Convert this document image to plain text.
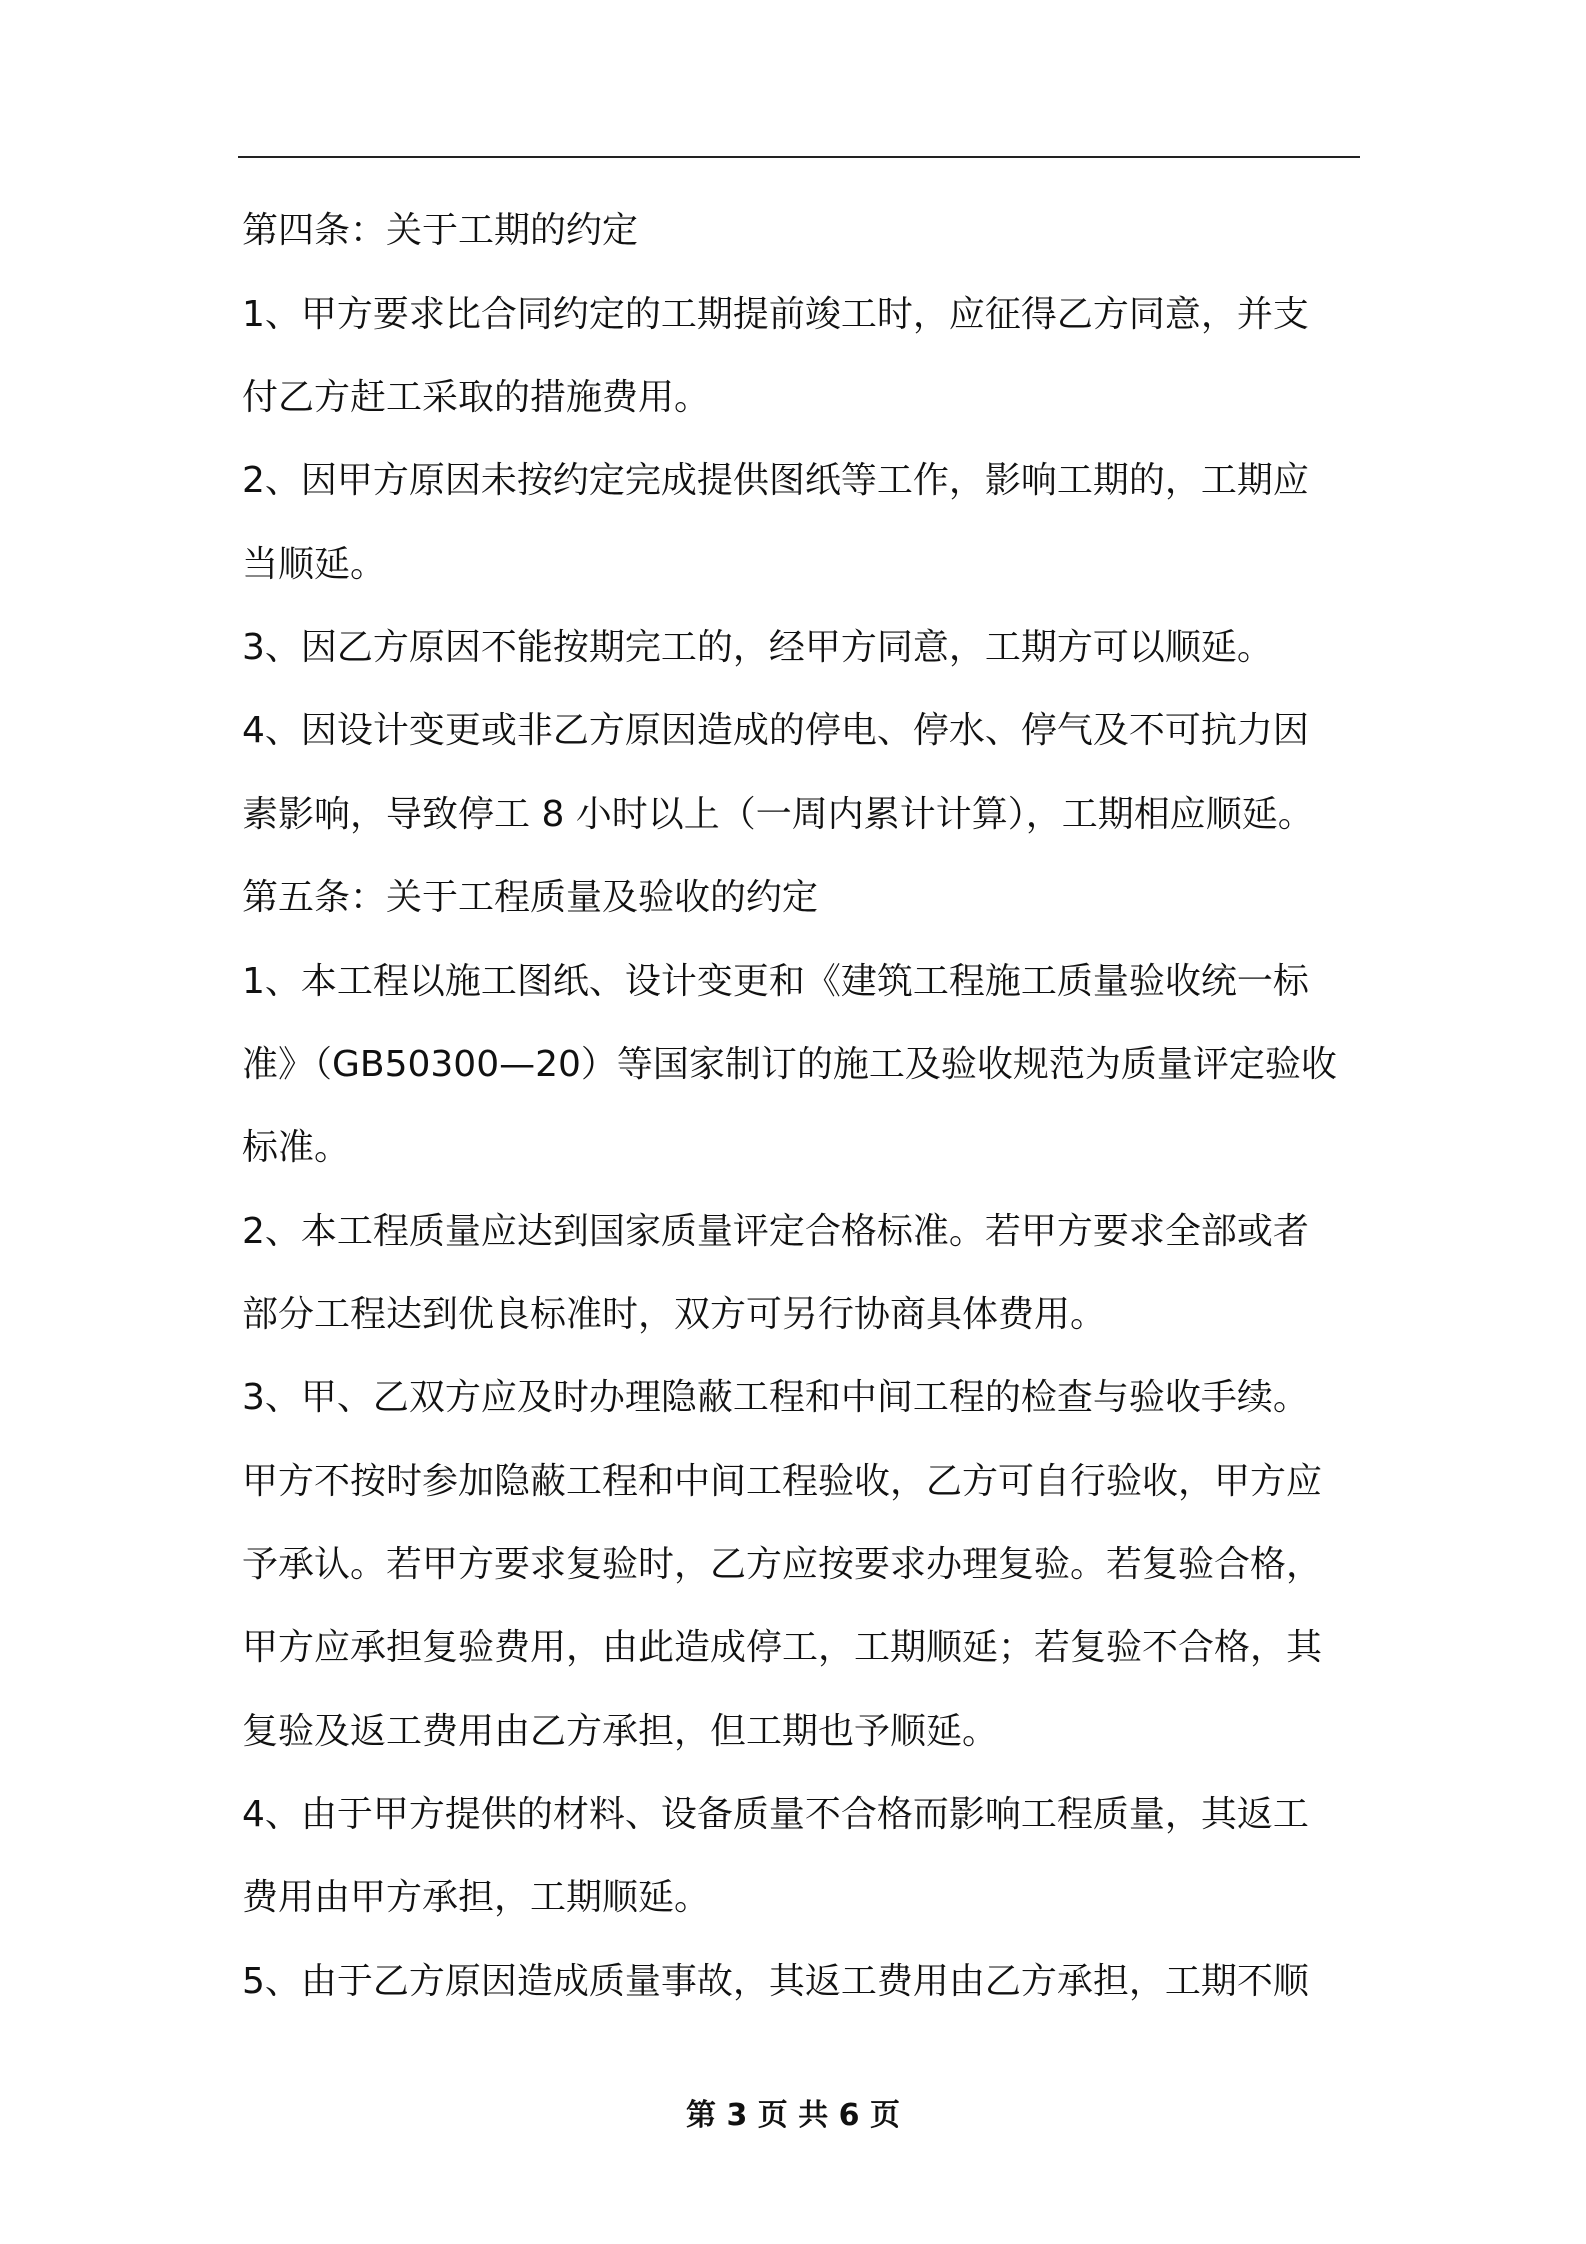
第四条：关于工期的约定
1、甲方要求比合同约定的工期提前竣工时，应征得乙方同意，并支
付乙方赶工采取的措施费用。
2、因甲方原因未按约定完成提供图纸等工作，影响工期的，工期应
当顺延。
3、因乙方原因不能按期完工的，经甲方同意，工期方可以顺延。
4、因设计变更或非乙方原因造成的停电、停水、停气及不可抗力因
素影响，导致停工 8 小时以上（一周内累计计算），工期相应顺延。
第五条：关于工程质量及验收的约定
1、本工程以施工图纸、设计变更和《建筑工程施工质量验收统一标
准》（GB50300—20）等国家制订的施工及验收规范为质量评定验收
标准。
2、本工程质量应达到国家质量评定合格标准。若甲方要求全部或者
部分工程达到优良标准时，双方可另行协商具体费用。
3、甲、乙双方应及时办理隐蔽工程和中间工程的检查与验收手续。
甲方不按时参加隐蔽工程和中间工程验收，乙方可自行验收，甲方应
予承认。若甲方要求复验时，乙方应按要求办理复验。若复验合格，
甲方应承担复验费用，由此造成停工，工期顺延；若复验不合格，其
复验及返工费用由乙方承担，但工期也予顺延。
4、由于甲方提供的材料、设备质量不合格而影响工程质量，其返工
费用由甲方承担，工期顺延。
5、由于乙方原因造成质量事故，其返工费用由乙方承担，工期不顺
第 3 页 共 6 页
